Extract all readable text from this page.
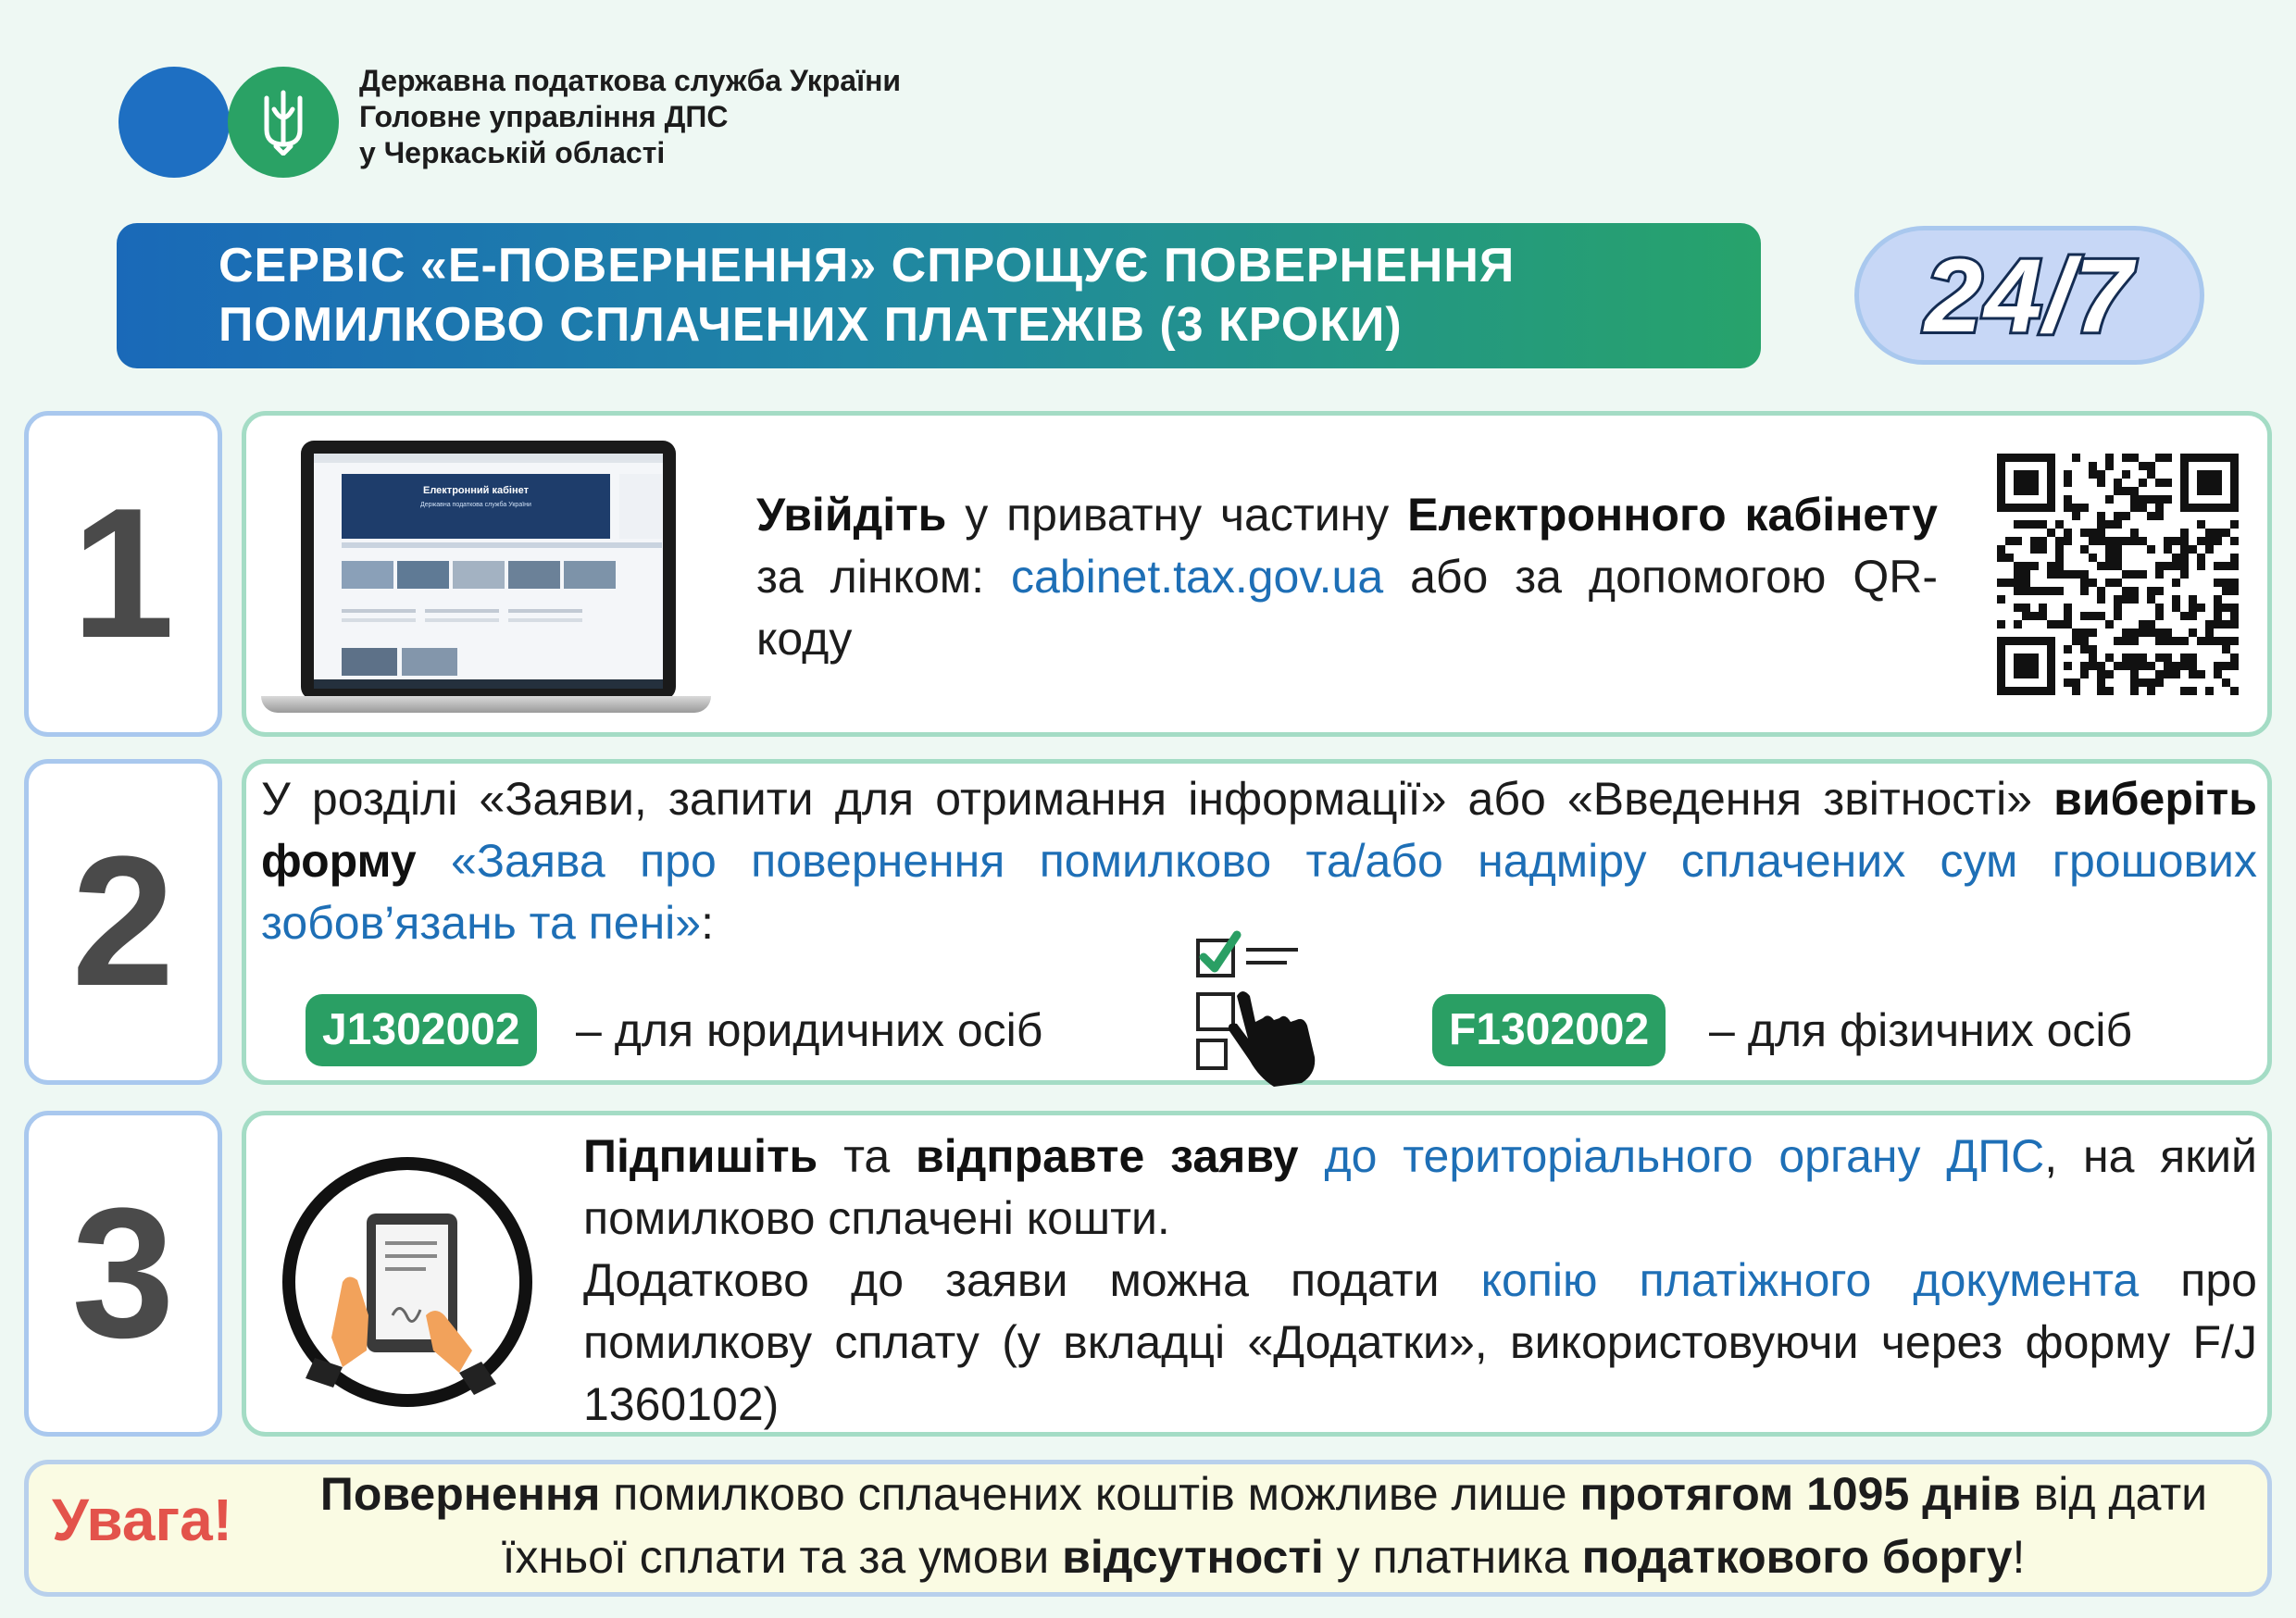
Державна податкова служба України
Головне управління ДПС
у Черкаській області
СЕРВІС «Е-ПОВЕРНЕННЯ» СПРОЩУЄ ПОВЕРНЕННЯ
ПОМИЛКОВО СПЛАЧЕНИХ ПЛАТЕЖІВ (3 КРОКИ)	24/7
1	Електронний кабінет
Державна податкова служба України	Увійдіть у приватну частину Електронного кабінету за лінком: cabinet.tax.gov.ua або за допомогою QR-коду
2
У розділі «Заяви, запити для отримання інформації» або «Введення звітності» виберіть форму «Заява про повернення помилково та/або надміру сплачених сум грошових зобов’язань та пені»:
J1302002	– для юридичних осіб	F1302002	– для фізичних осіб
3
Підпишіть та відправте заяву до територіального органу ДПС, на який помилково сплачені кошти.
Додатково до заяви можна подати копію платіжного документа про помилкову сплату (у вкладці «Додатки», використовуючи через форму F/J 1360102)
Увага!	Повернення помилково сплачених коштів можливе лише протягом 1095 днів від дати їхньої сплати та за умови відсутності у платника податкового боргу!
